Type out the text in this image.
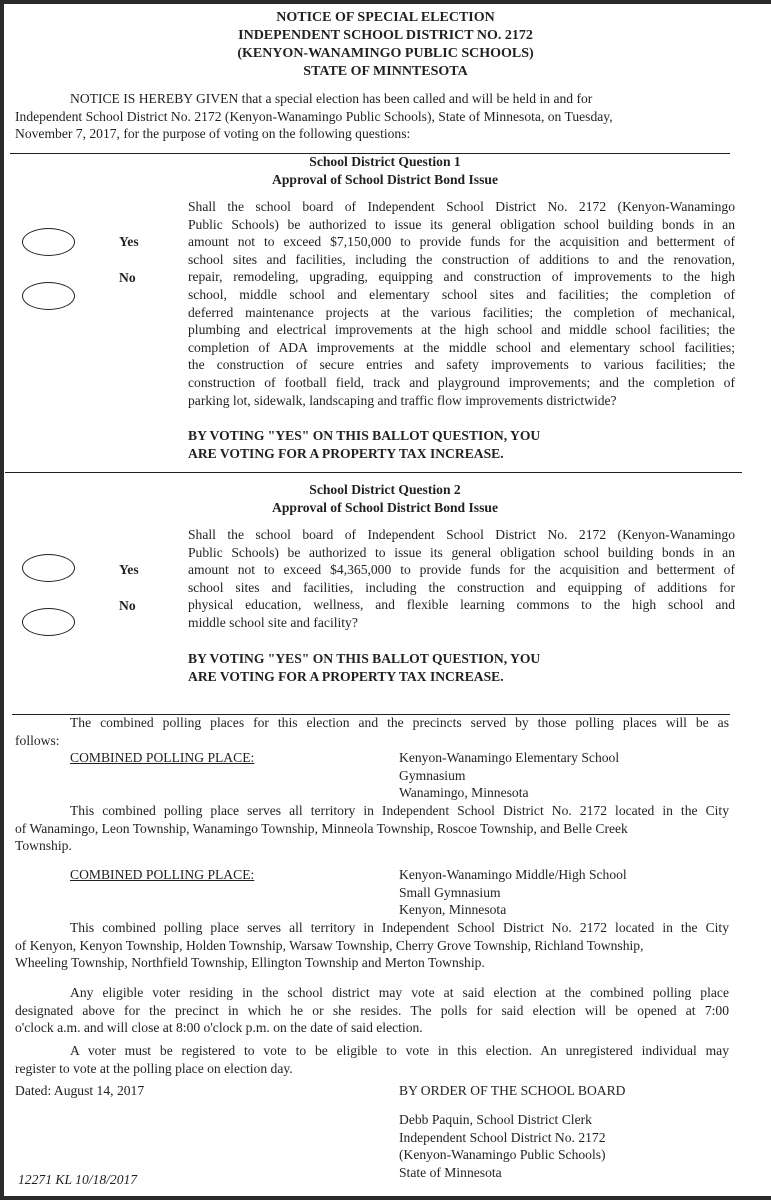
NOTICE OF SPECIAL ELECTION
INDEPENDENT SCHOOL DISTRICT NO. 2172
(KENYON-WANAMINGO PUBLIC SCHOOLS)
STATE OF MINNTESOTA
NOTICE IS HEREBY GIVEN that a special election has been called and will be held in and for
Independent School District No. 2172 (Kenyon-Wanamingo Public Schools), State of Minnesota, on Tuesday,
November 7, 2017, for the purpose of voting on the following questions:
School District Question 1
Approval of School District Bond Issue
Yes
No
Shall the school board of Independent School District No. 2172 (Kenyon-Wanamingo
Public Schools) be authorized to issue its general obligation school building bonds in an
amount not to exceed $7,150,000 to provide funds for the acquisition and betterment of
school sites and facilities, including the construction of additions to and the renovation,
repair, remodeling, upgrading, equipping and construction of improvements to the high
school, middle school and elementary school sites and facilities; the completion of
deferred maintenance projects at the various facilities; the completion of mechanical,
plumbing and electrical improvements at the high school and middle school facilities; the
completion of ADA improvements at the middle school and elementary school facilities;
the construction of secure entries and safety improvements to various facilities; the
construction of football field, track and playground improvements; and the completion of
parking lot, sidewalk, landscaping and traffic flow improvements districtwide?
BY VOTING "YES" ON THIS BALLOT QUESTION, YOU
ARE VOTING FOR A PROPERTY TAX INCREASE.
School District Question 2
Approval of School District Bond Issue
Yes
No
Shall the school board of Independent School District No. 2172 (Kenyon-Wanamingo
Public Schools) be authorized to issue its general obligation school building bonds in an
amount not to exceed $4,365,000 to provide funds for the acquisition and betterment of
school sites and facilities, including the construction and equipping of additions for
physical education, wellness, and flexible learning commons to the high school and
middle school site and facility?
BY VOTING "YES" ON THIS BALLOT QUESTION, YOU
ARE VOTING FOR A PROPERTY TAX INCREASE.
The combined polling places for this election and the precincts served by those polling places will be as
follows:
COMBINED POLLING PLACE:	Kenyon-Wanamingo Elementary School
Gymnasium
Wanamingo, Minnesota
This combined polling place serves all territory in Independent School District No. 2172 located in the City
of Wanamingo, Leon Township, Wanamingo Township, Minneola Township, Roscoe Township, and Belle Creek
Township.
COMBINED POLLING PLACE:	Kenyon-Wanamingo Middle/High School
Small Gymnasium
Kenyon, Minnesota
This combined polling place serves all territory in Independent School District No. 2172 located in the City
of Kenyon, Kenyon Township, Holden Township, Warsaw Township, Cherry Grove Township, Richland Township,
Wheeling Township, Northfield Township, Ellington Township and Merton Township.
Any eligible voter residing in the school district may vote at said election at the combined polling place
designated above for the precinct in which he or she resides. The polls for said election will be opened at 7:00
o'clock a.m. and will close at 8:00 o'clock p.m. on the date of said election.
A voter must be registered to vote to be eligible to vote in this election. An unregistered individual may
register to vote at the polling place on election day.
Dated: August 14, 2017	BY ORDER OF THE SCHOOL BOARD
Debb Paquin, School District Clerk
Independent School District No. 2172
(Kenyon-Wanamingo Public Schools)
State of Minnesota
12271 KL 10/18/2017
